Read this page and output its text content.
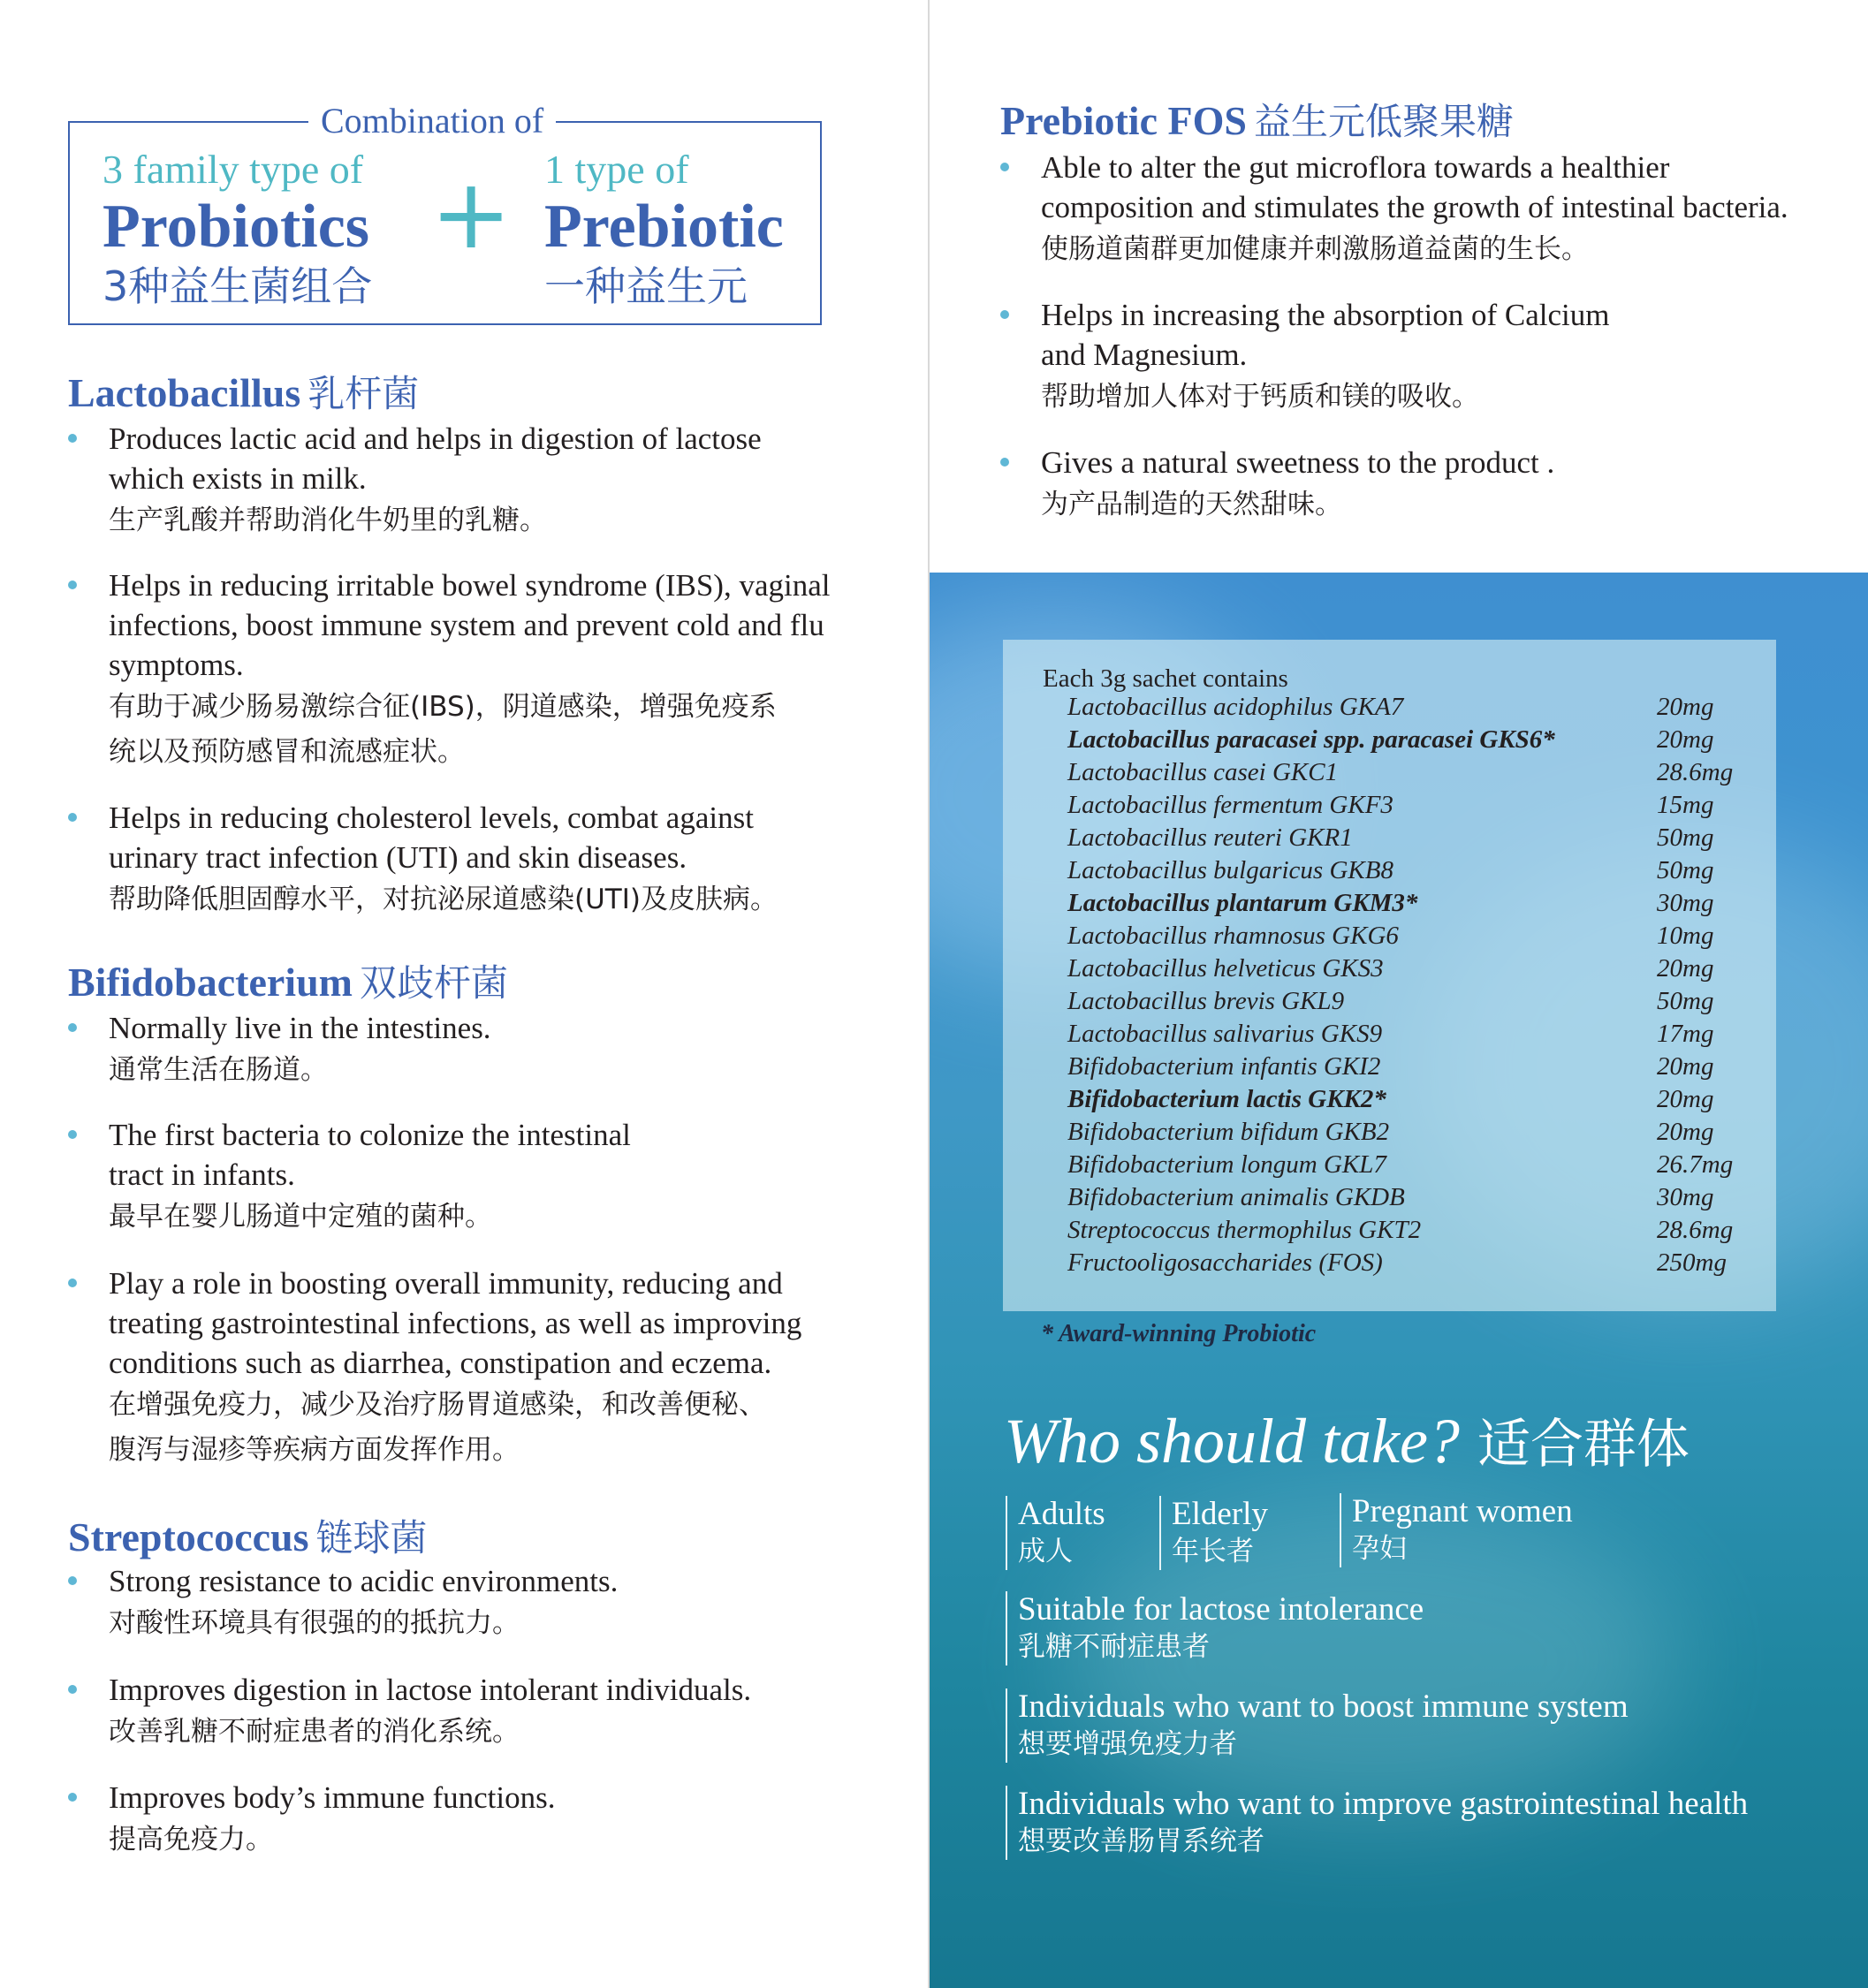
Combination of
3 family type of
Probiotics
3种益生菌组合
+ 1 type of
Prebiotic
一种益生元
Lactobacillus 乳杆菌
Produces lactic acid and helps in digestion of lactose
which exists in milk.
生产乳酸并帮助消化牛奶里的乳糖。
Helps in reducing irritable bowel syndrome (IBS), vaginal
infections, boost immune system and prevent cold and flu
symptoms.
有助于减少肠易激综合征(IBS)，阴道感染，增强免疫系
统以及预防感冒和流感症状。
Helps in reducing cholesterol levels, combat against
urinary tract infection (UTI) and skin diseases.
帮助降低胆固醇水平，对抗泌尿道感染(UTI)及皮肤病。
Bifidobacterium 双歧杆菌
Normally live in the intestines.
通常生活在肠道。
The first bacteria to colonize the intestinal
tract in infants.
最早在婴儿肠道中定殖的菌种。
Play a role in boosting overall immunity, reducing and
treating gastrointestinal infections, as well as improving
conditions such as diarrhea, constipation and eczema.
在增强免疫力，减少及治疗肠胃道感染，和改善便秘、
腹泻与湿疹等疾病方面发挥作用。
Streptococcus 链球菌
Strong resistance to acidic environments.
对酸性环境具有很强的的抵抗力。
Improves digestion in lactose intolerant individuals.
改善乳糖不耐症患者的消化系统。
Improves body’s immune functions.
提高免疫力。
Prebiotic FOS 益生元低聚果糖
Able to alter the gut microflora towards a healthier
composition and stimulates the growth of intestinal bacteria.
使肠道菌群更加健康并刺激肠道益菌的生长。
Helps in increasing the absorption of Calcium
and Magnesium.
帮助增加人体对于钙质和镁的吸收。
Gives a natural sweetness to the product .
为产品制造的天然甜味。
Each 3g sachet contains
Lactobacillus acidophilus GKA7	20mg
Lactobacillus paracasei spp. paracasei GKS6*	20mg
Lactobacillus casei GKC1	28.6mg
Lactobacillus fermentum GKF3	15mg
Lactobacillus reuteri GKR1	50mg
Lactobacillus bulgaricus GKB8	50mg
Lactobacillus plantarum GKM3*	30mg
Lactobacillus rhamnosus GKG6	10mg
Lactobacillus helveticus GKS3	20mg
Lactobacillus brevis GKL9	50mg
Lactobacillus salivarius GKS9	17mg
Bifidobacterium infantis GKI2	20mg
Bifidobacterium lactis GKK2*	20mg
Bifidobacterium bifidum GKB2	20mg
Bifidobacterium longum GKL7	26.7mg
Bifidobacterium animalis GKDB	30mg
Streptococcus thermophilus GKT2	28.6mg
Fructooligosaccharides (FOS)	250mg
* Award-winning Probiotic
Who should take? 适合群体
Adults
成人
Elderly
年长者
Pregnant women
孕妇
Suitable for lactose intolerance
乳糖不耐症患者
Individuals who want to boost immune system
想要增强免疫力者
Individuals who want to improve gastrointestinal health
想要改善肠胃系统者
